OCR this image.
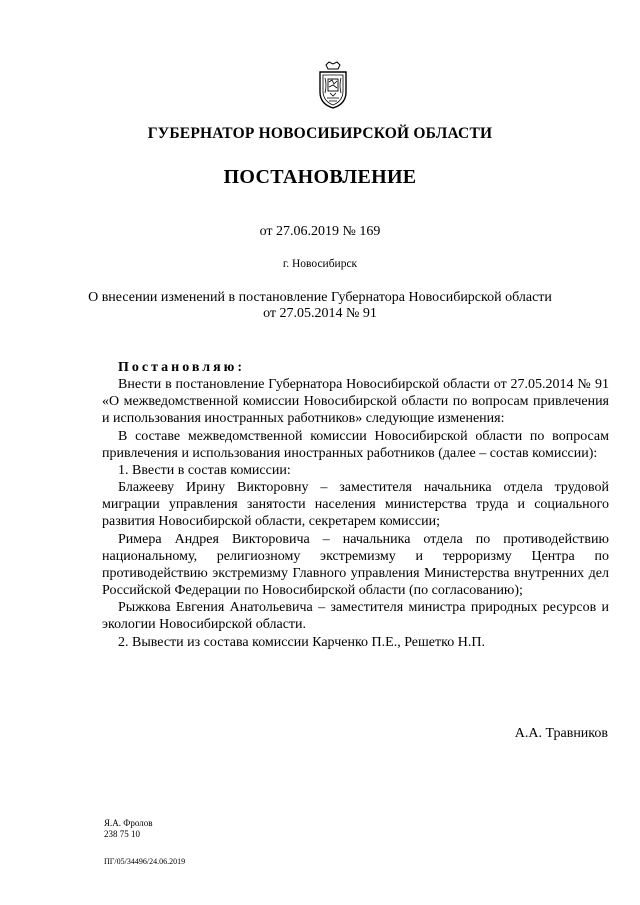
ГУБЕРНАТОР НОВОСИБИРСКОЙ ОБЛАСТИ
ПОСТАНОВЛЕНИЕ
от 27.06.2019 № 169
г. Новосибирск
О внесении изменений в постановление Губернатора Новосибирской области
от 27.05.2014 № 91

Постановляю:

Внести в постановление Губернатора Новосибирской области от 27.05.2014 № 91 «О межведомственной комиссии Новосибирской области по вопросам привлечения и использования иностранных работников» следующие изменения:

В составе межведомственной комиссии Новосибирской области по вопросам привлечения и использования иностранных работников (далее – состав комиссии):

1. Ввести в состав комиссии:

Блажееву Ирину Викторовну – заместителя начальника отдела трудовой миграции управления занятости населения министерства труда и социального развития Новосибирской области, секретарем комиссии;

Римера Андрея Викторовича – начальника отдела по противодействию национальному, религиозному экстремизму и терроризму Центра по противодействию экстремизму Главного управления Министерства внутренних дел Российской Федерации по Новосибирской области (по согласованию);

Рыжкова Евгения Анатольевича – заместителя министра природных ресурсов и экологии Новосибирской области.

2. Вывести из состава комиссии Карченко П.Е., Решетко Н.П.

А.А. Травников
Я.А. Фролов
238 75 10
ПГ/05/34496/24.06.2019
